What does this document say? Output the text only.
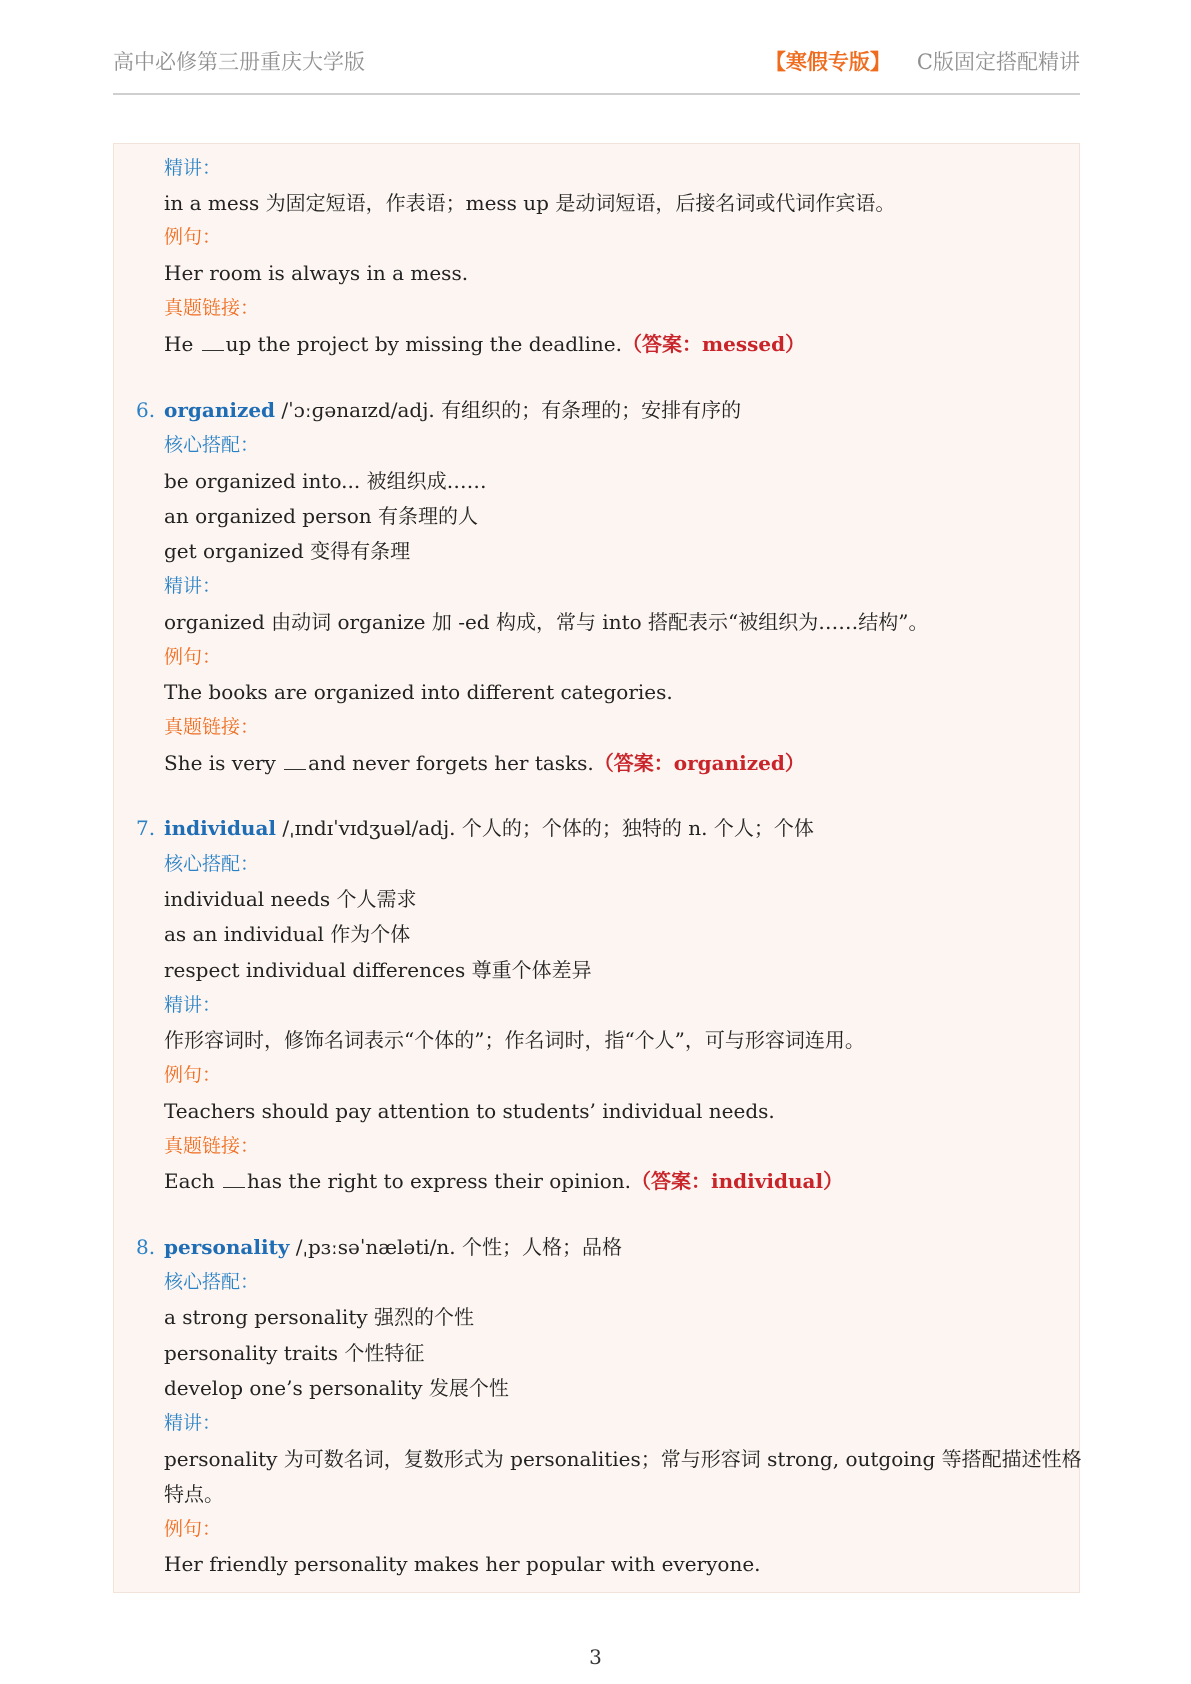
高中必修第三册重庆大学版	【寒假专版】 C版固定搭配精讲
精讲：
in a mess 为固定短语，作表语；mess up 是动词短语，后接名词或代词作宾语。
例句：
Her room is always in a mess.
真题链接：
He up the project by missing the deadline.（答案：messed）
6. organized /ˈɔːɡənaɪzd/adj. 有组织的；有条理的；安排有序的
核心搭配：
be organized into... 被组织成……
an organized person 有条理的人
get organized 变得有条理
精讲：
organized 由动词 organize 加 -ed 构成，常与 into 搭配表示“被组织为……结构”。
例句：
The books are organized into different categories.
真题链接：
She is very and never forgets her tasks.（答案：organized）
7. individual /ˌɪndɪˈvɪdʒuəl/adj. 个人的；个体的；独特的 n. 个人；个体
核心搭配：
individual needs 个人需求
as an individual 作为个体
respect individual differences 尊重个体差异
精讲：
作形容词时，修饰名词表示“个体的”；作名词时，指“个人”，可与形容词连用。
例句：
Teachers should pay attention to students’ individual needs.
真题链接：
Each has the right to express their opinion.（答案：individual）
8. personality /ˌpɜːsəˈnæləti/n. 个性；人格；品格
核心搭配：
a strong personality 强烈的个性
personality traits 个性特征
develop one’s personality 发展个性
精讲：
personality 为可数名词，复数形式为 personalities；常与形容词 strong, outgoing 等搭配描述性格
特点。
例句：
Her friendly personality makes her popular with everyone.
3
